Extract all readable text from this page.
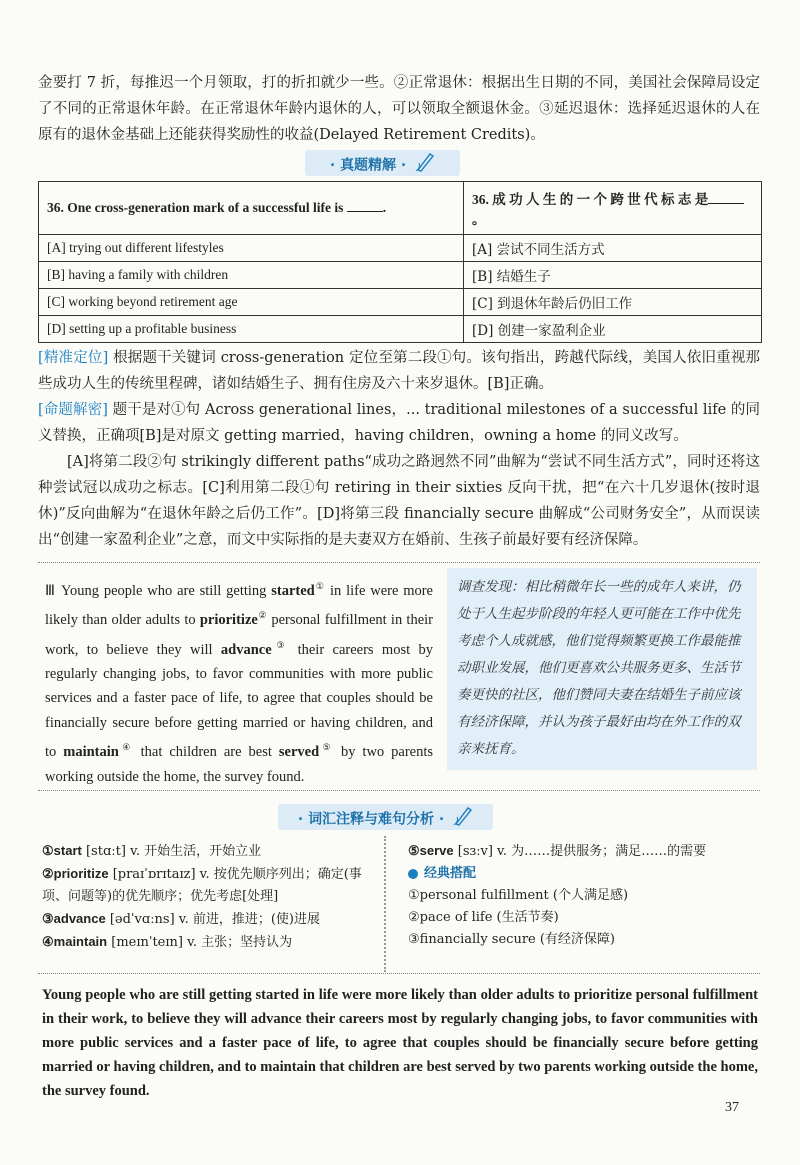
金要打 7 折，每推迟一个月领取，打的折扣就少一些。②正常退休：根据出生日期的不同，美国社会保障局设定了不同的正常退休年龄。在正常退休年龄内退休的人，可以领取全额退休金。③延迟退休：选择延迟退休的人在原有的退休金基础上还能获得奖励性的收益(Delayed Retirement Credits)。

· 真题精解 ·
36. One cross-generation mark of a successful life is .	36. 成 功 人 生 的 一 个 跨 世 代 标 志 是。
[A] trying out different lifestyles	[A] 尝试不同生活方式
[B] having a family with children	[B] 结婚生子
[C] working beyond retirement age	[C] 到退休年龄后仍旧工作
[D] setting up a profitable business	[D] 创建一家盈利企业

[精准定位] 根据题干关键词 cross-generation 定位至第二段①句。该句指出，跨越代际线，美国人依旧重视那些成功人生的传统里程碑，诸如结婚生子、拥有住房及六十来岁退休。[B]正确。

[命题解密] 题干是对①句 Across generational lines，... traditional milestones of a successful life 的同义替换，正确项[B]是对原文 getting married，having children，owning a home 的同义改写。

[A]将第二段②句 strikingly different paths“成功之路迥然不同”曲解为“尝试不同生活方式”，同时还将这种尝试冠以成功之标志。[C]利用第二段①句 retiring in their sixties 反向干扰，把“在六十几岁退休(按时退休)”反向曲解为“在退休年龄之后仍工作”。[D]将第三段 financially secure 曲解成“公司财务安全”，从而误读出“创建一家盈利企业”之意，而文中实际指的是夫妻双方在婚前、生孩子前最好要有经济保障。

Ⅲ Young people who are still getting started① in life were more likely than older adults to prioritize② personal fulfillment in their work, to believe they will advance③ their careers most by regularly changing jobs, to favor communities with more public services and a faster pace of life, to agree that couples should be financially secure before getting married or having children, and to maintain④ that children are best served⑤ by two parents working outside the home, the survey found.

调查发现：相比稍微年长一些的成年人来讲，仍处于人生起步阶段的年轻人更可能在工作中优先考虑个人成就感，他们觉得频繁更换工作最能推动职业发展，他们更喜欢公共服务更多、生活节奏更快的社区，他们赞同夫妻在结婚生子前应该有经济保障，并认为孩子最好由均在外工作的双亲来抚育。
· 词汇注释与难句分析 ·

①start [stɑːt] v. 开始生活，开始立业

②prioritize [praɪˈɒrɪtaɪz] v. 按优先顺序列出；确定(事项、问题等)的优先顺序；优先考虑[处理]

③advance [ədˈvɑːns] v. 前进，推进；(使)进展

④maintain [meɪnˈteɪn] v. 主张；坚持认为

⑤serve [sɜːv] v. 为……提供服务；满足……的需要

经典搭配

①personal fulfillment (个人满足感)

②pace of life (生活节奏)

③financially secure (有经济保障)

Young people who are still getting started in life were more likely than older adults to prioritize personal fulfillment in their work, to believe they will advance their careers most by regularly changing jobs, to favor communities with more public services and a faster pace of life, to agree that couples should be financially secure before getting married or having children, and to maintain that children are best served by two parents working outside the home, the survey found.

37
